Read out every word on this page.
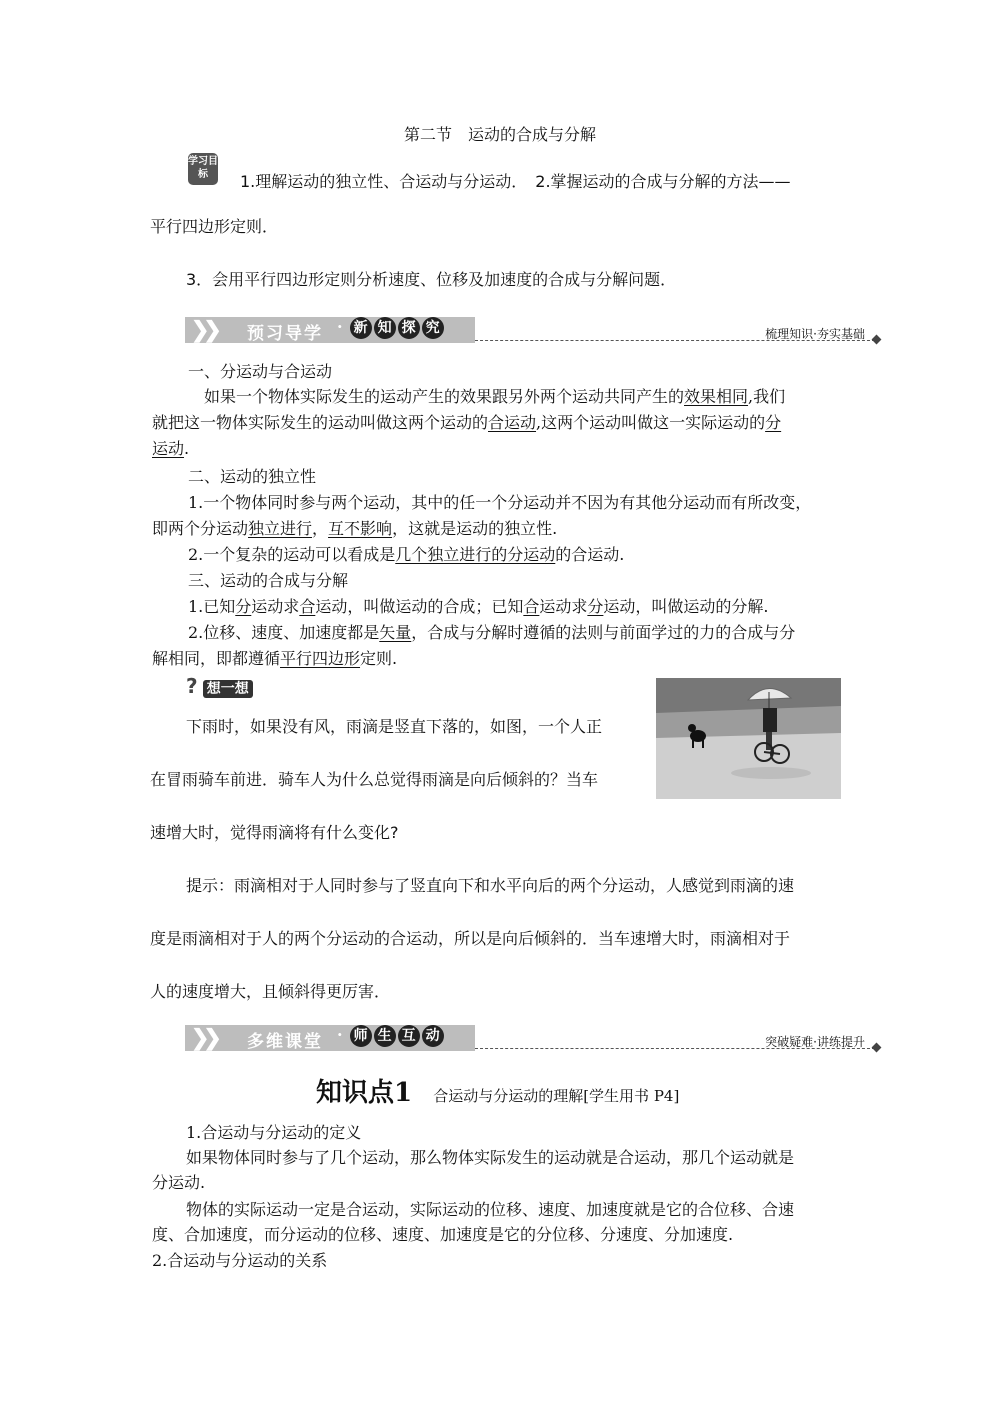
第二节　运动的合成与分解
学习目标	1.理解运动的独立性、合运动与分运动．　2.掌握运动的合成与分解的方法——
平行四边形定则．
3．会用平行四边形定则分析速度、位移及加速度的合成与分解问题．
❯❯ 预习导学 · 新 知 探 究	梳理知识·夯实基础
一、分运动与合运动
如果一个物体实际发生的运动产生的效果跟另外两个运动共同产生的效果相同,我们
就把这一物体实际发生的运动叫做这两个运动的合运动,这两个运动叫做这一实际运动的分
运动.
二、运动的独立性
1.一个物体同时参与两个运动，其中的任一个分运动并不因为有其他分运动而有所改变，
即两个分运动独立进行，互不影响，这就是运动的独立性.
2.一个复杂的运动可以看成是几个独立进行的分运动的合运动.
三、运动的合成与分解
1.已知分运动求合运动，叫做运动的合成；已知合运动求分运动，叫做运动的分解.
2.位移、速度、加速度都是矢量，合成与分解时遵循的法则与前面学过的力的合成与分
解相同，即都遵循平行四边形定则.
? 想一想
下雨时，如果没有风，雨滴是竖直下落的，如图，一个人正
在冒雨骑车前进．骑车人为什么总觉得雨滴是向后倾斜的？当车
速增大时，觉得雨滴将有什么变化?
提示：雨滴相对于人同时参与了竖直向下和水平向后的两个分运动，人感觉到雨滴的速
度是雨滴相对于人的两个分运动的合运动，所以是向后倾斜的．当车速增大时，雨滴相对于
人的速度增大，且倾斜得更厉害．
❯❯ 多维课堂 · 师 生 互 动	突破疑难·讲练提升
知识点1 合运动与分运动的理解[学生用书 P4]
1.合运动与分运动的定义
如果物体同时参与了几个运动，那么物体实际发生的运动就是合运动，那几个运动就是
分运动.
物体的实际运动一定是合运动，实际运动的位移、速度、加速度就是它的合位移、合速
度、合加速度，而分运动的位移、速度、加速度是它的分位移、分速度、分加速度.
2.合运动与分运动的关系
